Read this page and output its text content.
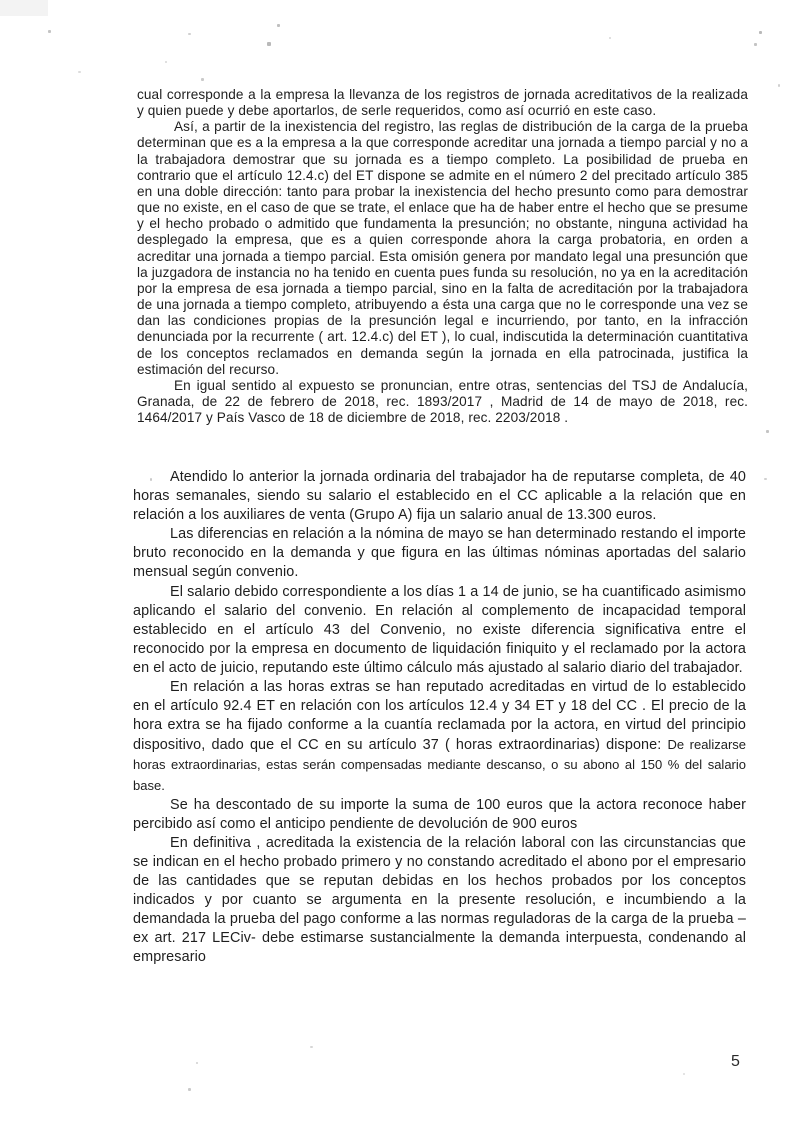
cual corresponde a la empresa la llevanza de los registros de jornada acreditativos de la realizada y quien puede y debe aportarlos, de serle requeridos, como así ocurrió en este caso.

Así, a partir de la inexistencia del registro, las reglas de distribución de la carga de la prueba determinan que es a la empresa a la que corresponde acreditar una jornada a tiempo parcial y no a la trabajadora demostrar que su jornada es a tiempo completo. La posibilidad de prueba en contrario que el artículo 12.4.c) del ET dispone se admite en el número 2 del precitado artículo 385 en una doble dirección: tanto para probar la inexistencia del hecho presunto como para demostrar que no existe, en el caso de que se trate, el enlace que ha de haber entre el hecho que se presume y el hecho probado o admitido que fundamenta la presunción; no obstante, ninguna actividad ha desplegado la empresa, que es a quien corresponde ahora la carga probatoria, en orden a acreditar una jornada a tiempo parcial. Esta omisión genera por mandato legal una presunción que la juzgadora de instancia no ha tenido en cuenta pues funda su resolución, no ya en la acreditación por la empresa de esa jornada a tiempo parcial, sino en la falta de acreditación por la trabajadora de una jornada a tiempo completo, atribuyendo a ésta una carga que no le corresponde una vez se dan las condiciones propias de la presunción legal e incurriendo, por tanto, en la infracción denunciada por la recurrente ( art. 12.4.c) del ET ), lo cual, indiscutida la determinación cuantitativa de los conceptos reclamados en demanda según la jornada en ella patrocinada, justifica la estimación del recurso.

En igual sentido al expuesto se pronuncian, entre otras, sentencias del TSJ de Andalucía, Granada, de 22 de febrero de 2018, rec. 1893/2017 , Madrid de 14 de mayo de 2018, rec. 1464/2017 y País Vasco de 18 de diciembre de 2018, rec. 2203/2018 .

Atendido lo anterior la jornada ordinaria del trabajador ha de reputarse completa, de 40 horas semanales, siendo su salario el establecido en el CC aplicable a la relación que en relación a los auxiliares de venta (Grupo A) fija un salario anual de 13.300 euros.

Las diferencias en relación a la nómina de mayo se han determinado restando el importe bruto reconocido en la demanda y que figura en las últimas nóminas aportadas del salario mensual según convenio.

El salario debido correspondiente a los días 1 a 14 de junio, se ha cuantificado asimismo aplicando el salario del convenio. En relación al complemento de incapacidad temporal establecido en el artículo 43 del Convenio, no existe diferencia significativa entre el reconocido por la empresa en documento de liquidación finiquito y el reclamado por la actora en el acto de juicio, reputando este último cálculo más ajustado al salario diario del trabajador.

En relación a las horas extras se han reputado acreditadas en virtud de lo establecido en el artículo 92.4 ET en relación con los artículos 12.4 y 34 ET y 18 del CC . El precio de la hora extra se ha fijado conforme a la cuantía reclamada por la actora, en virtud del principio dispositivo, dado que el CC en su artículo 37 ( horas extraordinarias) dispone: De realizarse horas extraordinarias, estas serán compensadas mediante descanso, o su abono al 150 % del salario base.

Se ha descontado de su importe la suma de 100 euros que la actora reconoce haber percibido así como el anticipo pendiente de devolución de 900 euros

En definitiva , acreditada la existencia de la relación laboral con las circunstancias que se indican en el hecho probado primero y no constando acreditado el abono por el empresario de las cantidades que se reputan debidas en los hechos probados por los conceptos indicados y por cuanto se argumenta en la presente resolución, e incumbiendo a la demandada la prueba del pago conforme a las normas reguladoras de la carga de la prueba –ex art. 217 LECiv- debe estimarse sustancialmente la demanda interpuesta, condenando al empresario

5
